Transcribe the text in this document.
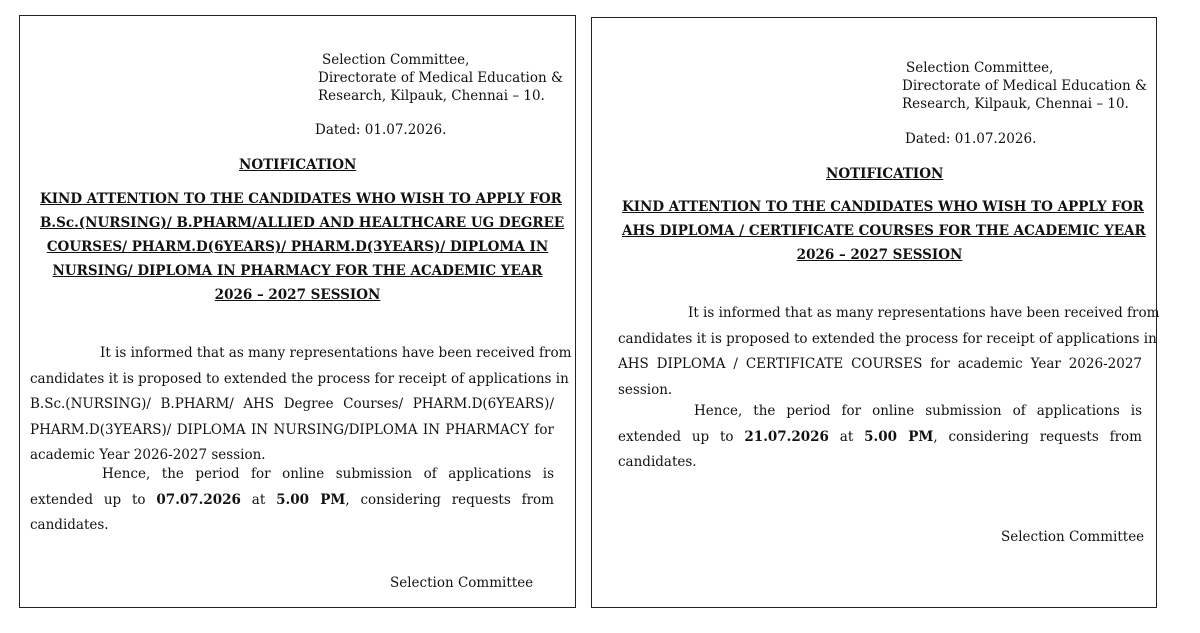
Selection Committee,
Directorate of Medical Education &
Research, Kilpauk, Chennai – 10.
Dated: 01.07.2026.
NOTIFICATION
KIND ATTENTION TO THE CANDIDATES WHO WISH TO APPLY FOR
B.Sc.(NURSING)/ B.PHARM/ALLIED AND HEALTHCARE UG DEGREE
COURSES/ PHARM.D(6YEARS)/ PHARM.D(3YEARS)/ DIPLOMA IN
NURSING/ DIPLOMA IN PHARMACY FOR THE ACADEMIC YEAR
2026 – 2027 SESSION
It is informed that as many representations have been received from
candidates it is proposed to extended the process for receipt of applications in
B.Sc.(NURSING)/ B.PHARM/ AHS Degree Courses/ PHARM.D(6YEARS)/
PHARM.D(3YEARS)/ DIPLOMA IN NURSING/DIPLOMA IN PHARMACY for
academic Year 2026-2027 session.
Hence, the period for online submission of applications is
extended up to 07.07.2026 at 5.00 PM, considering requests from
candidates.
Selection Committee
Selection Committee,
Directorate of Medical Education &
Research, Kilpauk, Chennai – 10.
Dated: 01.07.2026.
NOTIFICATION
KIND ATTENTION TO THE CANDIDATES WHO WISH TO APPLY FOR
AHS DIPLOMA / CERTIFICATE COURSES FOR THE ACADEMIC YEAR
2026 – 2027 SESSION
It is informed that as many representations have been received from
candidates it is proposed to extended the process for receipt of applications in
AHS DIPLOMA / CERTIFICATE COURSES for academic Year 2026-2027
session.
Hence, the period for online submission of applications is
extended up to 21.07.2026 at 5.00 PM, considering requests from
candidates.
Selection Committee
